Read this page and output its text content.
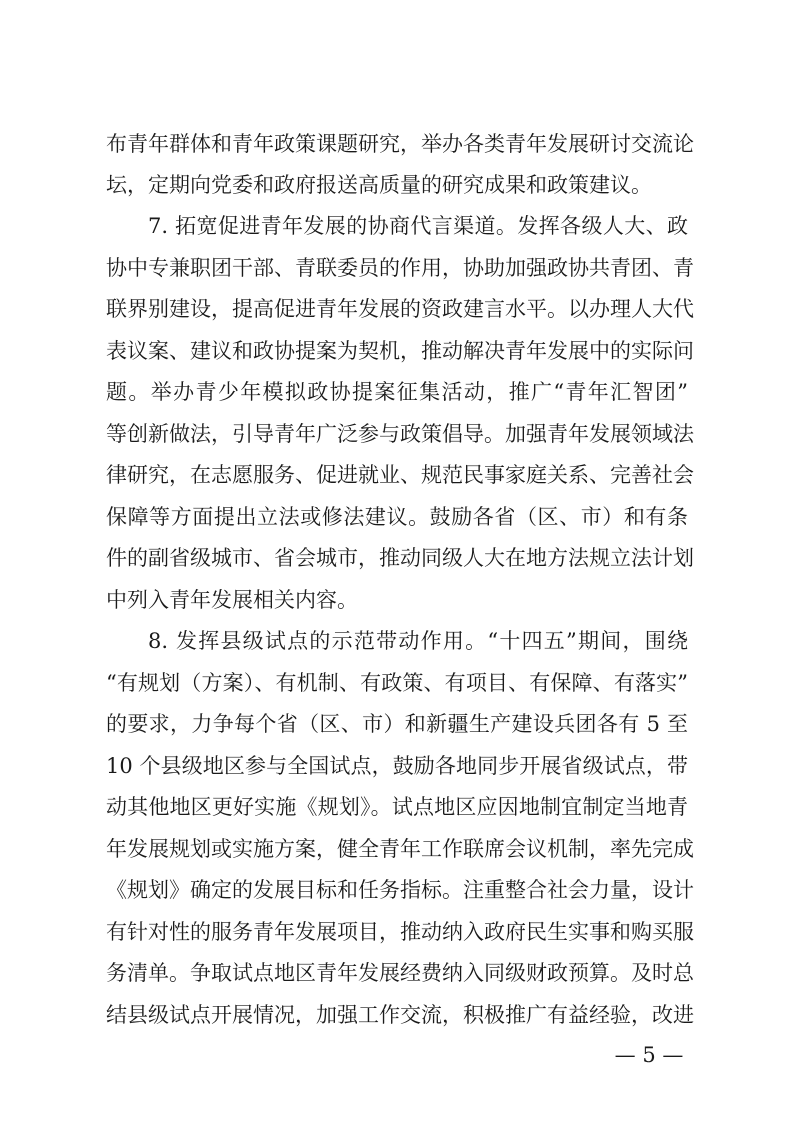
布青年群体和青年政策课题研究，举办各类青年发展研讨交流论
坛，定期向党委和政府报送高质量的研究成果和政策建议。
7. 拓宽促进青年发展的协商代言渠道。发挥各级人大、政
协中专兼职团干部、青联委员的作用，协助加强政协共青团、青
联界别建设，提高促进青年发展的资政建言水平。以办理人大代
表议案、建议和政协提案为契机，推动解决青年发展中的实际问
题。举办青少年模拟政协提案征集活动，推广“青年汇智团”
等创新做法，引导青年广泛参与政策倡导。加强青年发展领域法
律研究，在志愿服务、促进就业、规范民事家庭关系、完善社会
保障等方面提出立法或修法建议。鼓励各省（区、市）和有条
件的副省级城市、省会城市，推动同级人大在地方法规立法计划
中列入青年发展相关内容。
8. 发挥县级试点的示范带动作用。“十四五”期间，围绕
“有规划（方案）、有机制、有政策、有项目、有保障、有落实”
的要求，力争每个省（区、市）和新疆生产建设兵团各有 5 至
10 个县级地区参与全国试点，鼓励各地同步开展省级试点，带
动其他地区更好实施《规划》。试点地区应因地制宜制定当地青
年发展规划或实施方案，健全青年工作联席会议机制，率先完成
《规划》确定的发展目标和任务指标。注重整合社会力量，设计
有针对性的服务青年发展项目，推动纳入政府民生实事和购买服
务清单。争取试点地区青年发展经费纳入同级财政预算。及时总
结县级试点开展情况，加强工作交流，积极推广有益经验，改进
— 5 —
